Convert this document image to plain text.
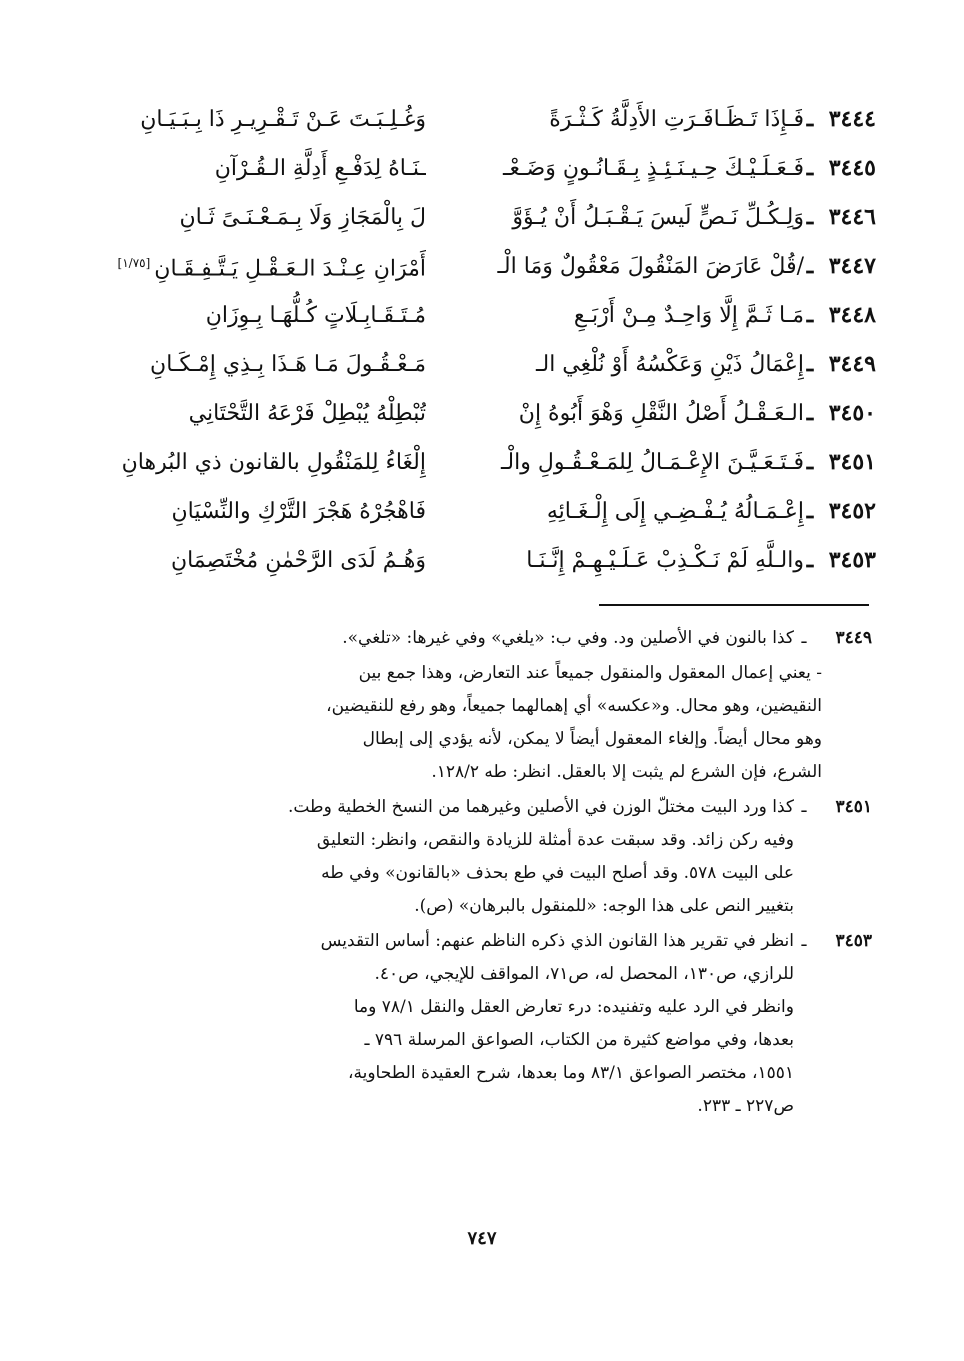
٣٤٤٤
ـ
فَـإِذَا تَـظَـافَـرَتِ الأَدِلَّةُ كَـثْـرَةً
وَغُـلِـبَـتَ عَـنْ تَـقْـرِيـرِ ذَا بِـبَـيَـانِ
٣٤٤٥
ـ
فَـعَـلَـيْـكَ حِـيـنَـئِـذٍ بِـقَـانُـونٍ وَضَـعْـ
ـنَـاهُ لِدَفْـعِ أَدِلَّةِ الـقُـرْآنِ
٣٤٤٦
ـ
وَلِـكُـلِّ نَـصٍّ لَيسَ يَـقْـبَـلُ أَنْ يُـؤَوَّ
لَ بِالْمَجَازِ وَلَا بِـمَـعْـنَـىً ثَـانِ
٣٤٤٧
ـ
/قُلْ عَارَضَ المَنْقُولَ مَعْقُولٌ وَمَا الْـ
أَمْرَانِ عِـنْـدَ الـعَـقْـلِ يَـتَّـفِـقَـانِ[١/٧٥]
٣٤٤٨
ـ
مَـا ثَـمَّ إِلَّا وَاحِـدٌ مِـنْ أَرْبَـعِ
مُـتَـقَـابِـلَاتٍ كُـلُّهَـا بِـوِزَانِ
٣٤٤٩
ـ
إِعْمَالُ ذَيْنِ وَعَكْسُهُ أَوْ نُلْغِي الـ
مَـعْـقُـولَ مَـا هَـذَا بِـذِي إِمْـكَـانِ
٣٤٥٠
ـ
الـعَـقْـلُ أَصْلُ النَّقْلِ وَهْوَ أَبُوهُ إِنْ
تُبْطِلْهُ يُبْطِلْ فَرْعَهُ التَّحْتَانِي
٣٤٥١
ـ
فَـتَـعَـيَّـنَ الإِعْـمَـالُ لِلمَـعْـقُـولِ والْـ
إِلْغَاءُ لِلمَنْقُولِ بالقانون ذي البُرهانِ
٣٤٥٢
ـ
إِعْـمَـالُهُ يُـفْـضِـي إِلَى إِلْـغَـائِهِ
فَاهْجُرْهُ هَجْرَ التَّرْكِ والنِّسْيَانِ
٣٤٥٣
ـ
والـلَّهِ لَمْ نَـكْـذِبْ عَـلَـيْـهِـمْ إِنَّـنَـا
وَهُـمُ لَدَى الرَّحْمٰنِ مُخْتَصِمَانِ
٣٤٤٩
ـ
كذا بالنون في الأصلين ود. وفي ب: «يلغي» وفي غيرها: «تلغي».
- يعني إعمال المعقول والمنقول جميعاً عند التعارض، وهذا جمع بين
النقيضين، وهو محال. و«عكسه» أي إهمالهما جميعاً، وهو رفع للنقيضين،
وهو محال أيضاً. وإلغاء المعقول أيضاً لا يمكن، لأنه يؤدي إلى إبطال
الشرع، فإن الشرع لم يثبت إلا بالعقل. انظر: طه ١٢٨/٢.
٣٤٥١
ـ
كذا ورد البيت مختلّ الوزن في الأصلين وغيرهما من النسخ الخطية وطت.
وفيه ركن زائد. وقد سبقت عدة أمثلة للزيادة والنقص، وانظر: التعليق
على البيت ٥٧٨. وقد أصلح البيت في طع بحذف «بالقانون» وفي طه
بتغيير النص على هذا الوجه: «للمنقول بالبرهان» (ص).
٣٤٥٣
ـ
انظر في تقرير هذا القانون الذي ذكره الناظم عنهم: أساس التقديس
للرازي، ص١٣٠، المحصل له، ص٧١، المواقف للإيجي، ص٤٠.
وانظر في الرد عليه وتفنيده: درء تعارض العقل والنقل ٧٨/١ وما
بعدها، وفي مواضع كثيرة من الكتاب، الصواعق المرسلة ٧٩٦ ـ
١٥٥١، مختصر الصواعق ٨٣/١ وما بعدها، شرح العقيدة الطحاوية،
ص٢٢٧ ـ ٢٣٣.
٧٤٧
